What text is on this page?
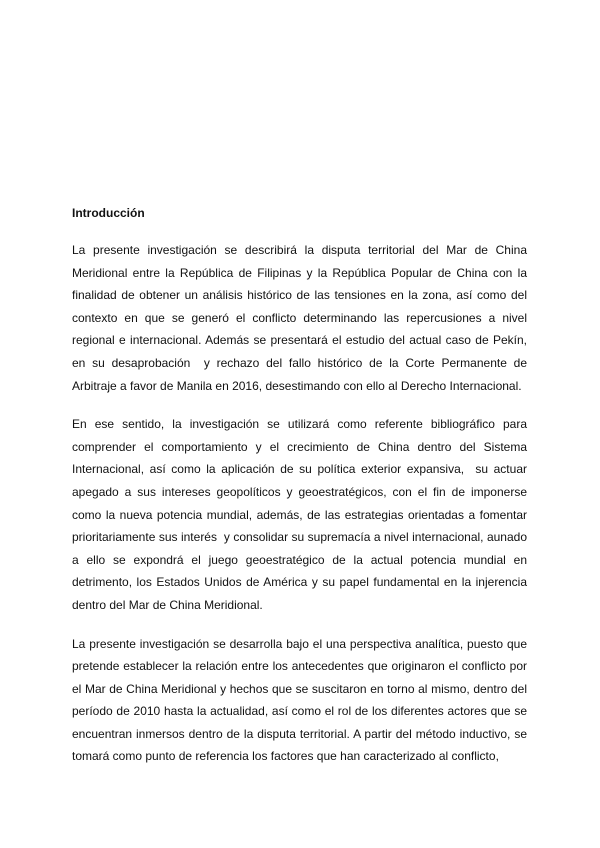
Introducción

La presente investigación se describirá la disputa territorial del Mar de China Meridional entre la República de Filipinas y la República Popular de China con la finalidad de obtener un análisis histórico de las tensiones en la zona, así como del contexto en que se generó el conflicto determinando las repercusiones a nivel regional e internacional. Además se presentará el estudio del actual caso de Pekín, en su desaprobación  y rechazo del fallo histórico de la Corte Permanente de Arbitraje a favor de Manila en 2016, desestimando con ello al Derecho Internacional.

En ese sentido, la investigación se utilizará como referente bibliográfico para comprender el comportamiento y el crecimiento de China dentro del Sistema Internacional, así como la aplicación de su política exterior expansiva,  su actuar apegado a sus intereses geopolíticos y geoestratégicos, con el fin de imponerse como la nueva potencia mundial, además, de las estrategias orientadas a fomentar prioritariamente sus interés  y consolidar su supremacía a nivel internacional, aunado a ello se expondrá el juego geoestratégico de la actual potencia mundial en detrimento, los Estados Unidos de América y su papel fundamental en la injerencia dentro del Mar de China Meridional.

La presente investigación se desarrolla bajo el una perspectiva analítica, puesto que pretende establecer la relación entre los antecedentes que originaron el conflicto por el Mar de China Meridional y hechos que se suscitaron en torno al mismo, dentro del período de 2010 hasta la actualidad, así como el rol de los diferentes actores que se encuentran inmersos dentro de la disputa territorial. A partir del método inductivo, se tomará como punto de referencia los factores que han caracterizado al conflicto,
